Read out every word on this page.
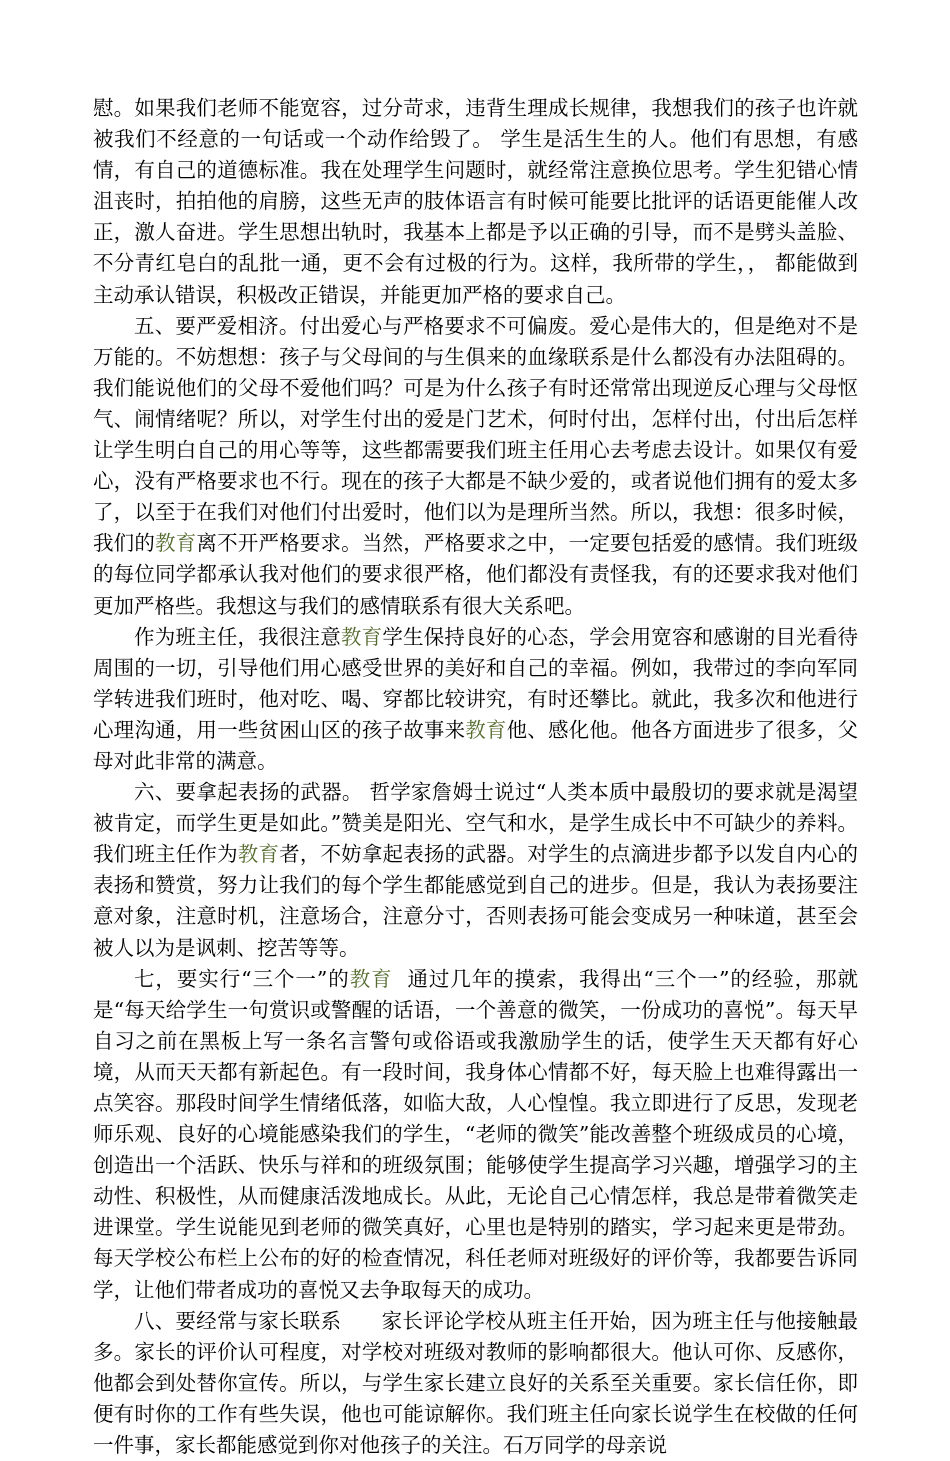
慰。如果我们老师不能宽容，过分苛求，违背生理成长规律，我想我们的孩子也许就被我们不经意的一句话或一个动作给毁了。 学生是活生生的人。他们有思想，有感情，有自己的道德标准。我在处理学生问题时，就经常注意换位思考。学生犯错心情沮丧时，拍拍他的肩膀，这些无声的肢体语言有时候可能要比批评的话语更能催人改正，激人奋进。学生思想出轨时，我基本上都是予以正确的引导，而不是劈头盖脸、不分青红皂白的乱批一通，更不会有过极的行为。这样，我所带的学生，， 都能做到主动承认错误，积极改正错误，并能更加严格的要求自己。

五、要严爱相济。付出爱心与严格要求不可偏废。爱心是伟大的，但是绝对不是万能的。不妨想想：孩子与父母间的与生俱来的血缘联系是什么都没有办法阻碍的。我们能说他们的父母不爱他们吗？可是为什么孩子有时还常常出现逆反心理与父母怄气、闹情绪呢？所以，对学生付出的爱是门艺术，何时付出，怎样付出，付出后怎样让学生明白自己的用心等等，这些都需要我们班主任用心去考虑去设计。如果仅有爱心，没有严格要求也不行。现在的孩子大都是不缺少爱的，或者说他们拥有的爱太多了，以至于在我们对他们付出爱时，他们以为是理所当然。所以，我想：很多时候，我们的教育离不开严格要求。当然，严格要求之中，一定要包括爱的感情。我们班级的每位同学都承认我对他们的要求很严格，他们都没有责怪我，有的还要求我对他们更加严格些。我想这与我们的感情联系有很大关系吧。

作为班主任，我很注意教育学生保持良好的心态，学会用宽容和感谢的目光看待周围的一切，引导他们用心感受世界的美好和自己的幸福。例如，我带过的李向军同学转进我们班时，他对吃、喝、穿都比较讲究，有时还攀比。就此，我多次和他进行心理沟通，用一些贫困山区的孩子故事来教育他、感化他。他各方面进步了很多，父母对此非常的满意。

六、要拿起表扬的武器。 哲学家詹姆士说过“人类本质中最殷切的要求就是渴望被肯定，而学生更是如此。”赞美是阳光、空气和水，是学生成长中不可缺少的养料。我们班主任作为教育者，不妨拿起表扬的武器。对学生的点滴进步都予以发自内心的表扬和赞赏，努力让我们的每个学生都能感觉到自己的进步。但是，我认为表扬要注意对象，注意时机，注意场合，注意分寸，否则表扬可能会变成另一种味道，甚至会被人以为是讽刺、挖苦等等。

七，要实行“三个一”的教育  通过几年的摸索，我得出“三个一”的经验，那就是“每天给学生一句赏识或警醒的话语，一个善意的微笑，一份成功的喜悦”。每天早自习之前在黑板上写一条名言警句或俗语或我激励学生的话，使学生天天都有好心境，从而天天都有新起色。有一段时间，我身体心情都不好，每天脸上也难得露出一点笑容。那段时间学生情绪低落，如临大敌，人心惶惶。我立即进行了反思，发现老师乐观、良好的心境能感染我们的学生，“老师的微笑”能改善整个班级成员的心境，创造出一个活跃、快乐与祥和的班级氛围；能够使学生提高学习兴趣，增强学习的主动性、积极性，从而健康活泼地成长。从此，无论自己心情怎样，我总是带着微笑走进课堂。学生说能见到老师的微笑真好，心里也是特别的踏实，学习起来更是带劲。每天学校公布栏上公布的好的检查情况，科任老师对班级好的评价等，我都要告诉同学，让他们带者成功的喜悦又去争取每天的成功。

八、要经常与家长联系      家长评论学校从班主任开始，因为班主任与他接触最多。家长的评价认可程度，对学校对班级对教师的影响都很大。他认可你、反感你，他都会到处替你宣传。所以，与学生家长建立良好的关系至关重要。家长信任你，即便有时你的工作有些失误，他也可能谅解你。我们班主任向家长说学生在校做的任何一件事，家长都能感觉到你对他孩子的关注。石万同学的母亲说
